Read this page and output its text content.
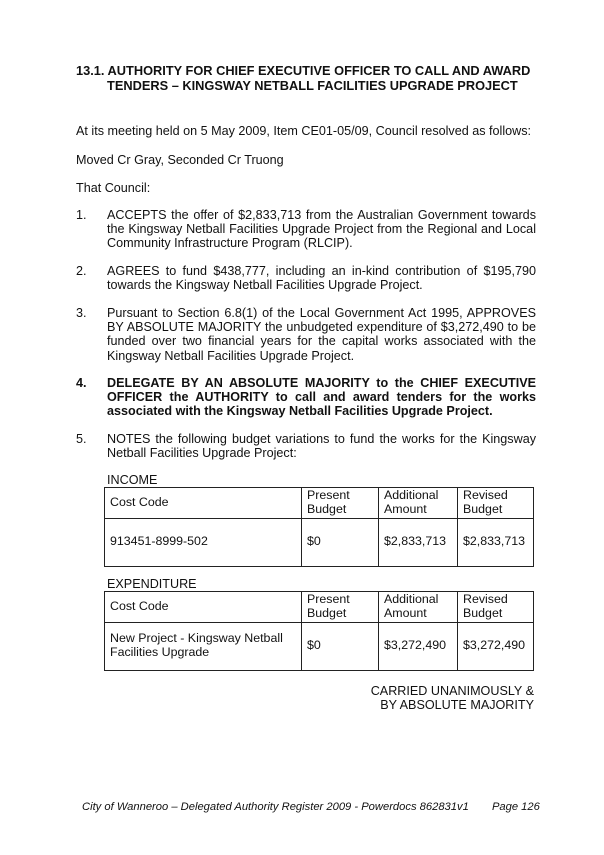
13.1. AUTHORITY FOR CHIEF EXECUTIVE OFFICER TO CALL AND AWARD
TENDERS – KINGSWAY NETBALL FACILITIES UPGRADE PROJECT
At its meeting held on 5 May 2009, Item CE01-05/09, Council resolved as follows:
Moved Cr Gray, Seconded Cr Truong
That Council:
1. ACCEPTS the offer of $2,833,713 from the Australian Government towards the Kingsway Netball Facilities Upgrade Project from the Regional and Local Community Infrastructure Program (RLCIP).
2. AGREES to fund $438,777, including an in-kind contribution of $195,790 towards the Kingsway Netball Facilities Upgrade Project.
3. Pursuant to Section 6.8(1) of the Local Government Act 1995, APPROVES BY ABSOLUTE MAJORITY the unbudgeted expenditure of $3,272,490 to be funded over two financial years for the capital works associated with the Kingsway Netball Facilities Upgrade Project.
4. DELEGATE BY AN ABSOLUTE MAJORITY to the CHIEF EXECUTIVE OFFICER the AUTHORITY to call and award tenders for the works associated with the Kingsway Netball Facilities Upgrade Project.
5. NOTES the following budget variations to fund the works for the Kingsway Netball Facilities Upgrade Project:
INCOME
Cost Code	Present Budget	Additional Amount	Revised Budget
913451-8999-502	$0	$2,833,713	$2,833,713
EXPENDITURE
Cost Code	Present Budget	Additional Amount	Revised Budget
New Project - Kingsway Netball Facilities Upgrade	$0	$3,272,490	$3,272,490
CARRIED UNANIMOUSLY &
BY ABSOLUTE MAJORITY
City of Wanneroo – Delegated Authority Register 2009 - Powerdocs 862831v1 Page 126
